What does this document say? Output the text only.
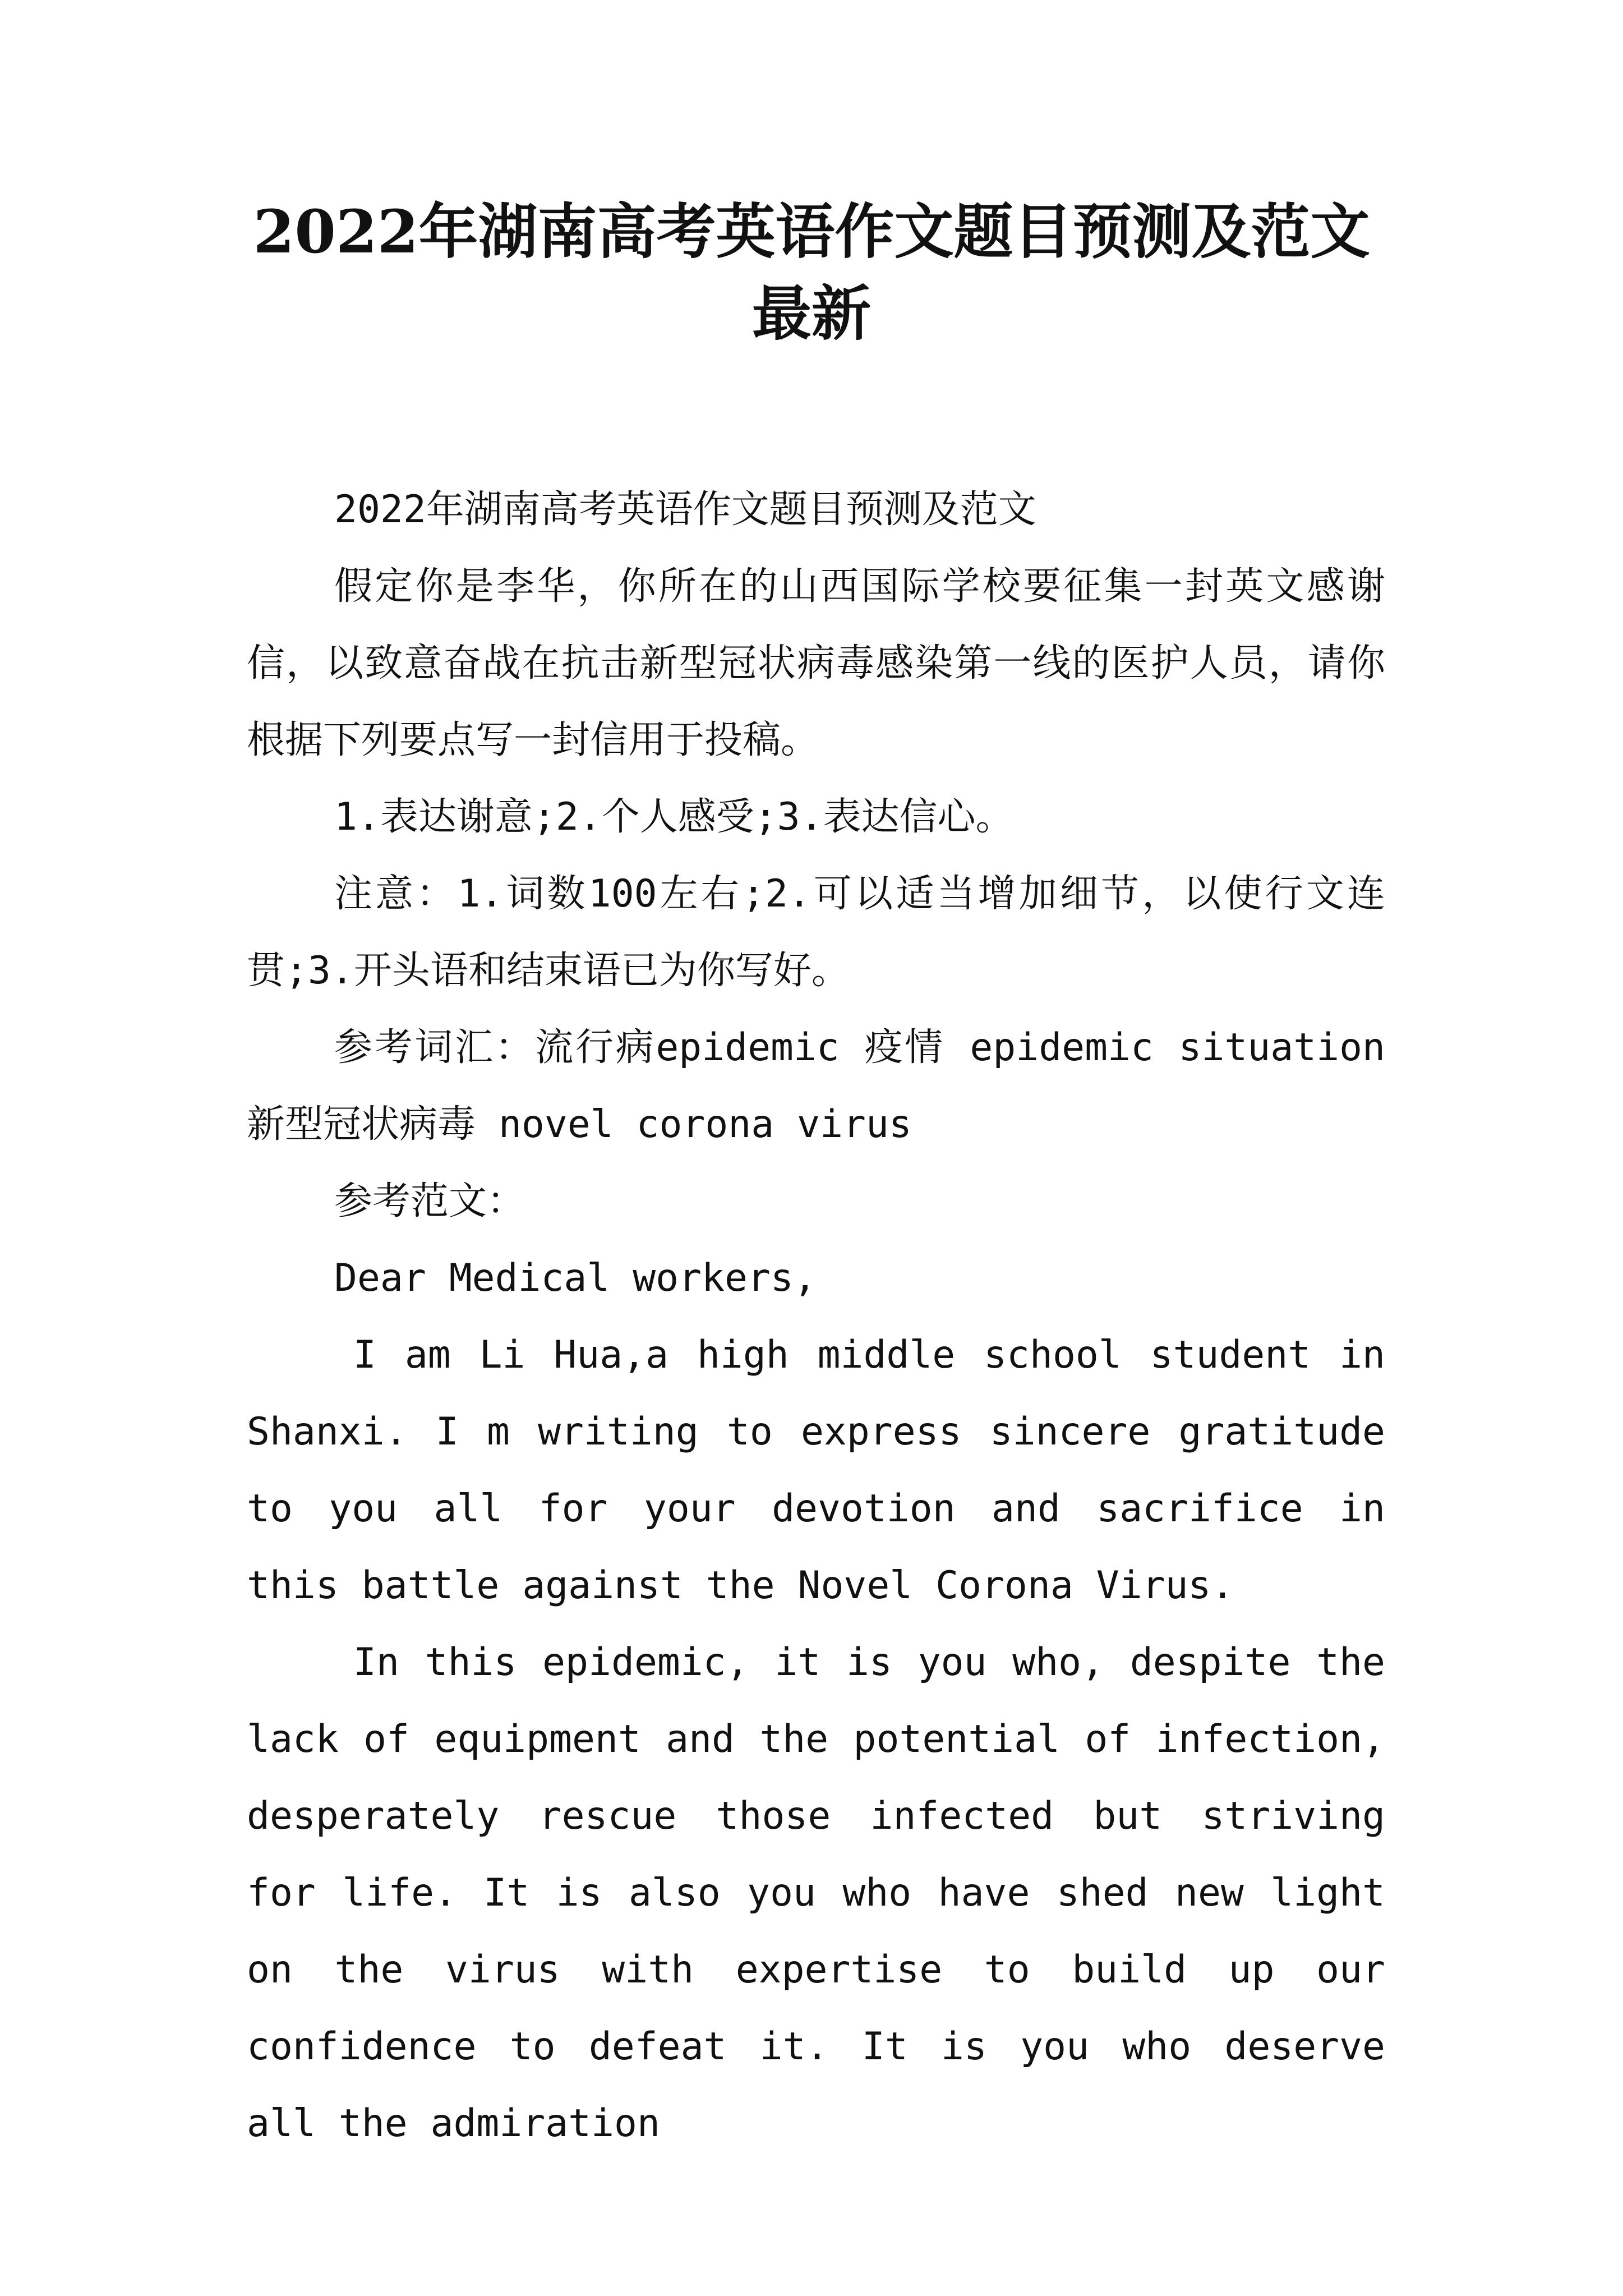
2022年湖南高考英语作文题目预测及范文
最新

2022年湖南高考英语作文题目预测及范文

假定你是李华，你所在的山西国际学校要征集一封英文感谢信，以致意奋战在抗击新型冠状病毒感染第一线的医护人员，请你根据下列要点写一封信用于投稿。

1.表达谢意;2.个人感受;3.表达信心。

注意：1.词数100左右;2.可以适当增加细节，以使行文连贯;3.开头语和结束语已为你写好。

参考词汇：流行病epidemic 疫情 epidemic situation 新型冠状病毒 novel corona virus

参考范文：

Dear Medical workers,

I am Li Hua,a high middle school student in Shanxi. I m writing to express sincere gratitude to you all for your devotion and sacrifice in this battle against the Novel Corona Virus.

In this epidemic, it is you who, despite the lack of equipment and the potential of infection, desperately rescue those infected but striving for life. It is also you who have shed new light on the virus with expertise to build up our confidence to defeat it. It is you who deserve all the admiration
